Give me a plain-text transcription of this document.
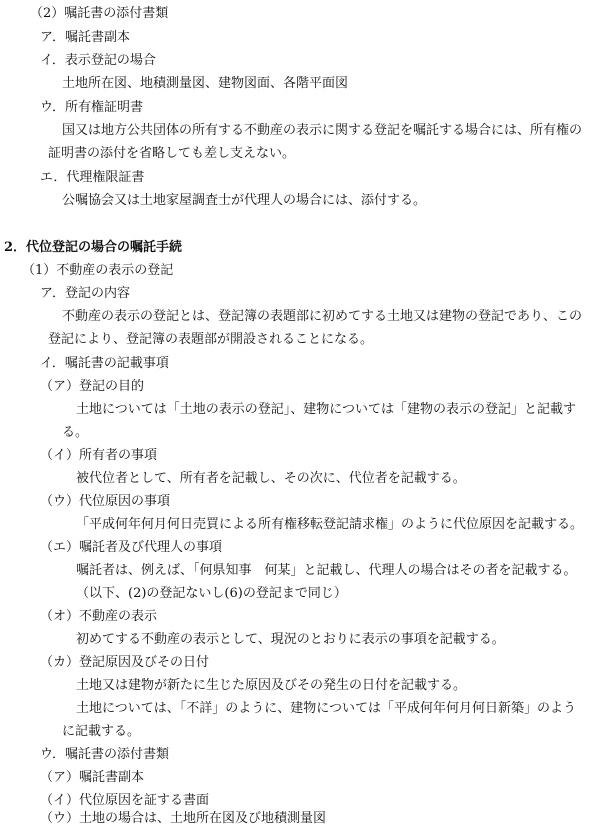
（2）嘱託書の添付書類
ア．嘱託書副本
イ．表示登記の場合
土地所在図、地積測量図、建物図面、各階平面図
ウ．所有権証明書
国又は地方公共団体の所有する不動産の表示に関する登記を嘱託する場合には、所有権の
証明書の添付を省略しても差し支えない。
エ．代理権限証書
公嘱協会又は土地家屋調査士が代理人の場合には、添付する。
2．代位登記の場合の嘱託手続
（1）不動産の表示の登記
ア．登記の内容
不動産の表示の登記とは、登記簿の表題部に初めてする土地又は建物の登記であり、この
登記により、登記簿の表題部が開設されることになる。
イ．嘱託書の記載事項
（ア）登記の目的
土地については「土地の表示の登記」、建物については「建物の表示の登記」と記載す
る。
（イ）所有者の事項
被代位者として、所有者を記載し、その次に、代位者を記載する。
（ウ）代位原因の事項
「平成何年何月何日売買による所有権移転登記請求権」のように代位原因を記載する。
（エ）嘱託者及び代理人の事項
嘱託者は、例えば、「何県知事　何某」と記載し、代理人の場合はその者を記載する。
（以下、(2)の登記ないし(6)の登記まで同じ）
（オ）不動産の表示
初めてする不動産の表示として、現況のとおりに表示の事項を記載する。
（カ）登記原因及びその日付
土地又は建物が新たに生じた原因及びその発生の日付を記載する。
土地については、「不詳」のように、建物については「平成何年何月何日新築」のよう
に記載する。
ウ．嘱託書の添付書類
（ア）嘱託書副本
（イ）代位原因を証する書面
（ウ）土地の場合は、土地所在図及び地積測量図
